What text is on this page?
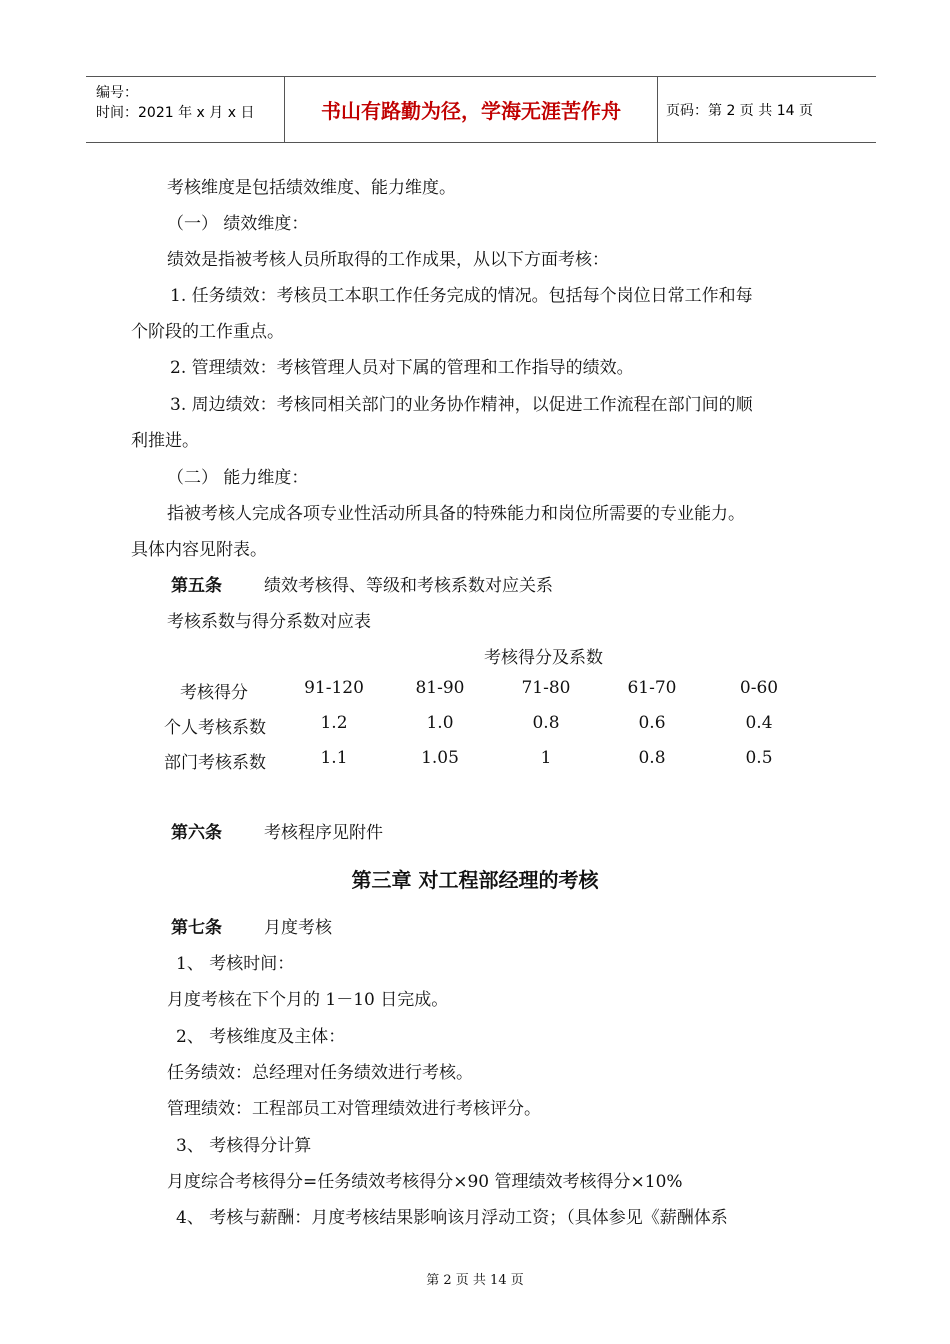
编号：
时间：2021 年 x 月 x 日	书山有路勤为径，学海无涯苦作舟	页码：第 2 页 共 14 页
考核维度是包括绩效维度、能力维度。
（一） 绩效维度：
绩效是指被考核人员所取得的工作成果，从以下方面考核：
1. 任务绩效：考核员工本职工作任务完成的情况。包括每个岗位日常工作和每
个阶段的工作重点。
2. 管理绩效：考核管理人员对下属的管理和工作指导的绩效。
3. 周边绩效：考核同相关部门的业务协作精神，以促进工作流程在部门间的顺
利推进。
（二） 能力维度：
指被考核人完成各项专业性活动所具备的特殊能力和岗位所需要的专业能力。
具体内容见附表。
第五条 绩效考核得、等级和考核系数对应关系
考核系数与得分系数对应表
考核得分及系数
考核得分	91-120	81-90	71-80	61-70	0-60
个人考核系数	1.2	1.0	0.8	0.6	0.4
部门考核系数	1.1	1.05	1	0.8	0.5
第六条 考核程序见附件
第三章 对工程部经理的考核
第七条 月度考核
1、 考核时间：
月度考核在下个月的 1－10 日完成。
2、 考核维度及主体：
任务绩效：总经理对任务绩效进行考核。
管理绩效：工程部员工对管理绩效进行考核评分。
3、 考核得分计算
月度综合考核得分=任务绩效考核得分×90 管理绩效考核得分×10%
4、 考核与薪酬：月度考核结果影响该月浮动工资；（具体参见《薪酬体系
第 2 页 共 14 页
